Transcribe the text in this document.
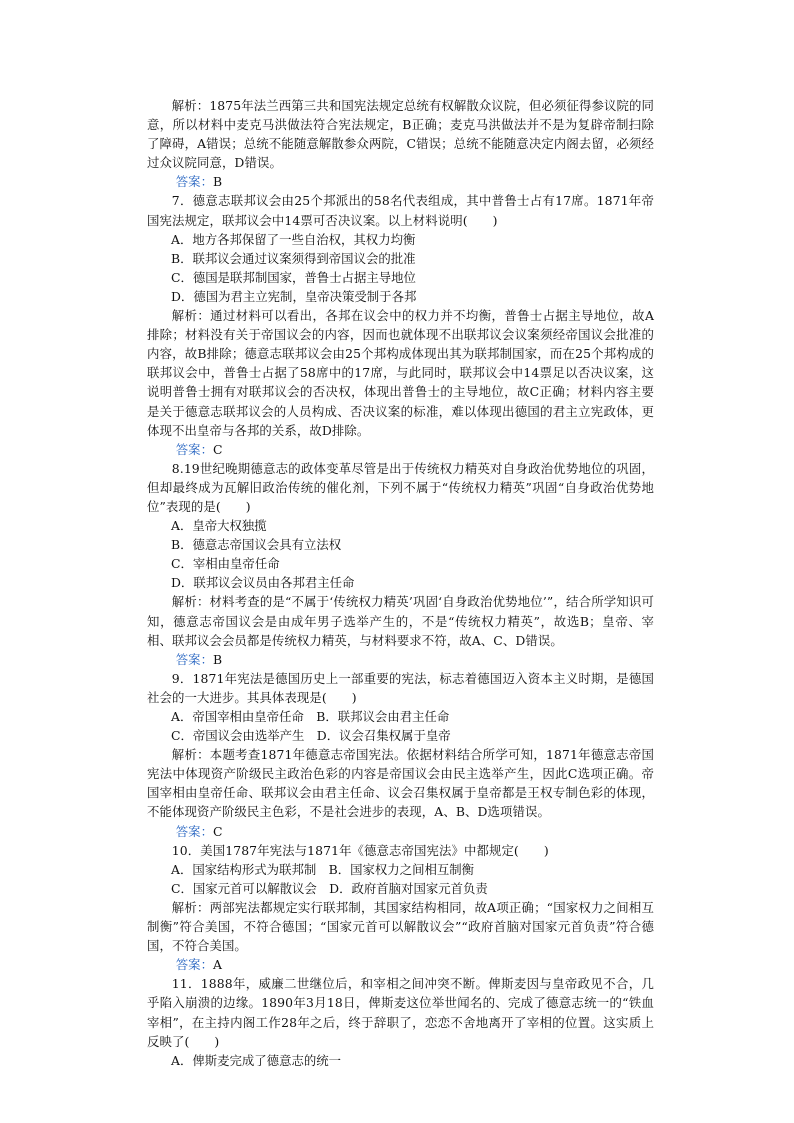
解析：1875年法兰西第三共和国宪法规定总统有权解散众议院，但必须征得参议院的同意，所以材料中麦克马洪做法符合宪法规定，B正确；麦克马洪做法并不是为复辟帝制扫除了障碍，A错误；总统不能随意解散参众两院，C错误；总统不能随意决定内阁去留，必须经过众议院同意，D错误。

答案：B

7．德意志联邦议会由25个邦派出的58名代表组成，其中普鲁士占有17席。1871年帝国宪法规定，联邦议会中14票可否决议案。以上材料说明(　　)

A．地方各邦保留了一些自治权，其权力均衡

B．联邦议会通过议案须得到帝国议会的批准

C．德国是联邦制国家，普鲁士占据主导地位

D．德国为君主立宪制，皇帝决策受制于各邦

解析：通过材料可以看出，各邦在议会中的权力并不均衡，普鲁士占据主导地位，故A排除；材料没有关于帝国议会的内容，因而也就体现不出联邦议会议案须经帝国议会批准的内容，故B排除；德意志联邦议会由25个邦构成体现出其为联邦制国家，而在25个邦构成的联邦议会中，普鲁士占据了58席中的17席，与此同时，联邦议会中14票足以否决议案，这说明普鲁士拥有对联邦议会的否决权，体现出普鲁士的主导地位，故C正确；材料内容主要是关于德意志联邦议会的人员构成、否决议案的标准，难以体现出德国的君主立宪政体，更体现不出皇帝与各邦的关系，故D排除。

答案：C

8.19世纪晚期德意志的政体变革尽管是出于传统权力精英对自身政治优势地位的巩固，但却最终成为瓦解旧政治传统的催化剂，下列不属于“传统权力精英”巩固“自身政治优势地位”表现的是(　　)

A．皇帝大权独揽

B．德意志帝国议会具有立法权

C．宰相由皇帝任命

D．联邦议会议员由各邦君主任命

解析：材料考查的是“不属于‘传统权力精英’巩固‘自身政治优势地位’”，结合所学知识可知，德意志帝国议会是由成年男子选举产生的，不是“传统权力精英”，故选B；皇帝、宰相、联邦议会会员都是传统权力精英，与材料要求不符，故A、C、D错误。

答案：B

9．1871年宪法是德国历史上一部重要的宪法，标志着德国迈入资本主义时期，是德国社会的一大进步。其具体表现是(　　)

A．帝国宰相由皇帝任命　B．联邦议会由君主任命

C．帝国议会由选举产生　D．议会召集权属于皇帝

解析：本题考查1871年德意志帝国宪法。依据材料结合所学可知，1871年德意志帝国宪法中体现资产阶级民主政治色彩的内容是帝国议会由民主选举产生，因此C选项正确。帝国宰相由皇帝任命、联邦议会由君主任命、议会召集权属于皇帝都是王权专制色彩的体现，不能体现资产阶级民主色彩，不是社会进步的表现，A、B、D选项错误。

答案：C

10．美国1787年宪法与1871年《德意志帝国宪法》中都规定(　　)

A．国家结构形式为联邦制　B．国家权力之间相互制衡

C．国家元首可以解散议会　D．政府首脑对国家元首负责

解析：两部宪法都规定实行联邦制，其国家结构相同，故A项正确；“国家权力之间相互制衡”符合美国，不符合德国；“国家元首可以解散议会”“政府首脑对国家元首负责”符合德国，不符合美国。

答案：A

11．1888年，威廉二世继位后，和宰相之间冲突不断。俾斯麦因与皇帝政见不合，几乎陷入崩溃的边缘。1890年3月18日，俾斯麦这位举世闻名的、完成了德意志统一的“铁血宰相”，在主持内阁工作28年之后，终于辞职了，恋恋不舍地离开了宰相的位置。这实质上反映了(　　)

A．俾斯麦完成了德意志的统一
